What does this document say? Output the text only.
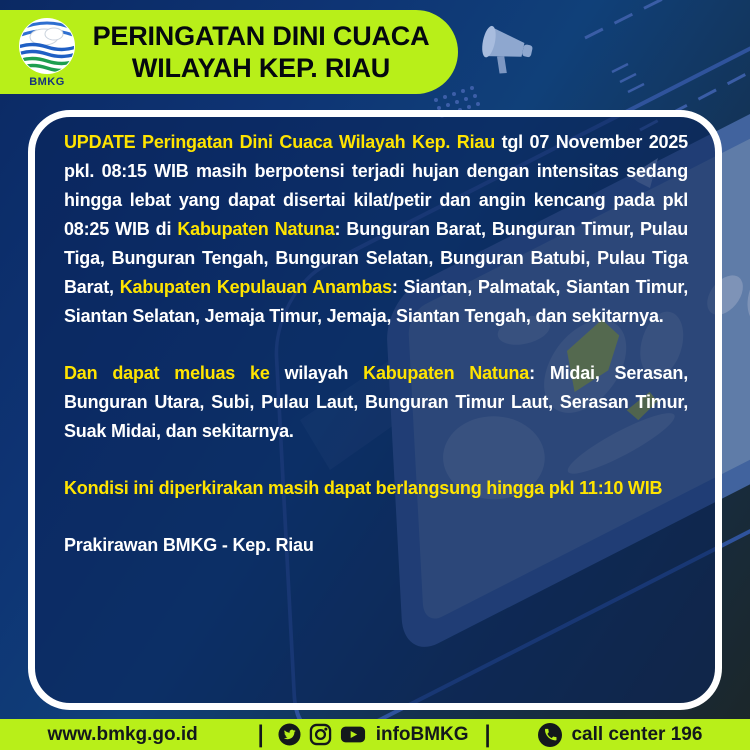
BMKG
PERINGATAN DINI CUACA
WILAYAH KEP. RIAU

UPDATE Peringatan Dini Cuaca Wilayah Kep. Riau tgl 07 November 2025 pkl. 08:15 WIB masih berpotensi terjadi hujan dengan intensitas sedang hingga lebat yang dapat disertai kilat/petir dan angin kencang pada pkl 08:25 WIB di Kabupaten Natuna: Bunguran Barat, Bunguran Timur, Pulau Tiga, Bunguran Tengah, Bunguran Selatan, Bunguran Batubi, Pulau Tiga Barat, Kabupaten Kepulauan Anambas: Siantan, Palmatak, Siantan Timur, Siantan Selatan, Jemaja Timur, Jemaja, Siantan Tengah, dan sekitarnya.

Dan dapat meluas ke wilayah Kabupaten Natuna: Midai, Serasan, Bunguran Utara, Subi, Pulau Laut, Bunguran Timur Laut, Serasan Timur, Suak Midai, dan sekitarnya.

Kondisi ini diperkirakan masih dapat berlangsung hingga pkl 11:10 WIB

Prakirawan BMKG - Kep. Riau

www.bmkg.go.id	|	infoBMKG |	call center 196
